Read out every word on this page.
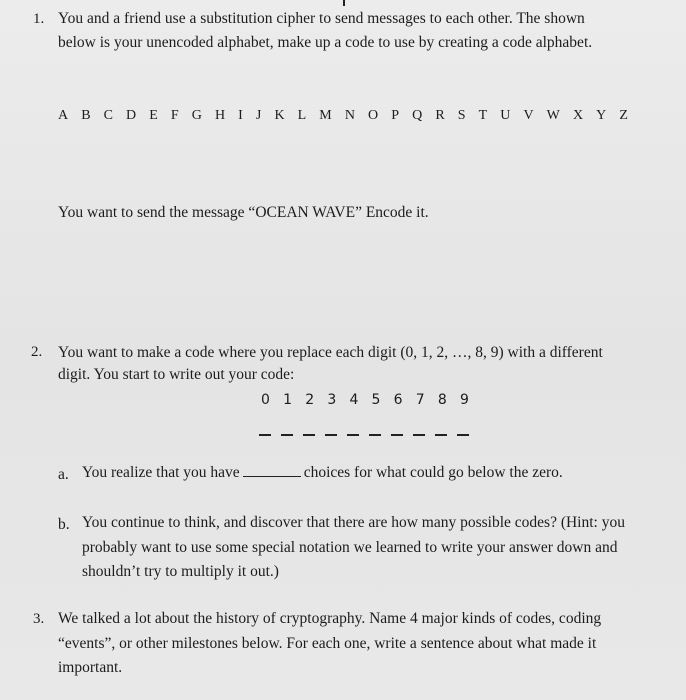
1. You and a friend use a substitution cipher to send messages to each other. The shown
below is your unencoded alphabet, make up a code to use by creating a code alphabet.
A B C D E F G H I J K L M N O P Q R S T U V W X Y Z
You want to send the message “OCEAN WAVE” Encode it.
2. You want to make a code where you replace each digit (0, 1, 2, …, 8, 9) with a different
digit. You start to write out your code:
0 1 2 3 4 5 6 7 8 9
a. You realize that you have	choices for what could go below the zero.
b. You continue to think, and discover that there are how many possible codes? (Hint: you
probably want to use some special notation we learned to write your answer down and
shouldn’t try to multiply it out.)
3. We talked a lot about the history of cryptography. Name 4 major kinds of codes, coding
“events”, or other milestones below. For each one, write a sentence about what made it
important.
